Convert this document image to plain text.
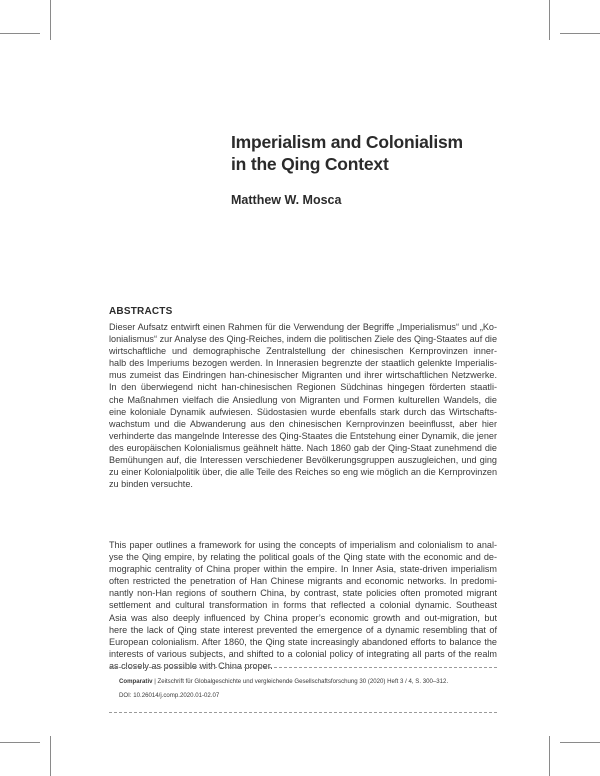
Imperialism and Colonialism
in the Qing Context
Matthew W. Mosca
ABSTRACTS
Dieser Aufsatz entwirft einen Rahmen für die Verwendung der Begriffe „Imperialismus“ und „Ko-
lonialismus“ zur Analyse des Qing-Reiches, indem die politischen Ziele des Qing-Staates auf die
wirtschaftliche und demographische Zentralstellung der chinesischen Kernprovinzen inner-
halb des Imperiums bezogen werden. In Innerasien begrenzte der staatlich gelenkte Imperialis-
mus zumeist das Eindringen han-chinesischer Migranten und ihrer wirtschaftlichen Netzwerke.
In den überwiegend nicht han-chinesischen Regionen Südchinas hingegen förderten staatli-
che Maßnahmen vielfach die Ansiedlung von Migranten und Formen kulturellen Wandels, die
eine koloniale Dynamik aufwiesen. Südostasien wurde ebenfalls stark durch das Wirtschafts-
wachstum und die Abwanderung aus den chinesischen Kernprovinzen beeinflusst, aber hier
verhinderte das mangelnde Interesse des Qing-Staates die Entstehung einer Dynamik, die jener
des europäischen Kolonialismus geähnelt hätte. Nach 1860 gab der Qing-Staat zunehmend die
Bemühungen auf, die Interessen verschiedener Bevölkerungsgruppen auszugleichen, und ging
zu einer Kolonialpolitik über, die alle Teile des Reiches so eng wie möglich an die Kernprovinzen
zu binden versuchte.
This paper outlines a framework for using the concepts of imperialism and colonialism to anal-
yse the Qing empire, by relating the political goals of the Qing state with the economic and de-
mographic centrality of China proper within the empire. In Inner Asia, state-driven imperialism
often restricted the penetration of Han Chinese migrants and economic networks. In predomi-
nantly non-Han regions of southern China, by contrast, state policies often promoted migrant
settlement and cultural transformation in forms that reflected a colonial dynamic. Southeast
Asia was also deeply influenced by China proper’s economic growth and out-migration, but
here the lack of Qing state interest prevented the emergence of a dynamic resembling that of
European colonialism. After 1860, the Qing state increasingly abandoned efforts to balance the
interests of various subjects, and shifted to a colonial policy of integrating all parts of the realm
as closely as possible with China proper.
Comparativ | Zeitschrift für Globalgeschichte und vergleichende Gesellschaftsforschung 30 (2020) Heft 3 / 4, S. 300–312.
DOI: 10.26014/j.comp.2020.01-02.07
